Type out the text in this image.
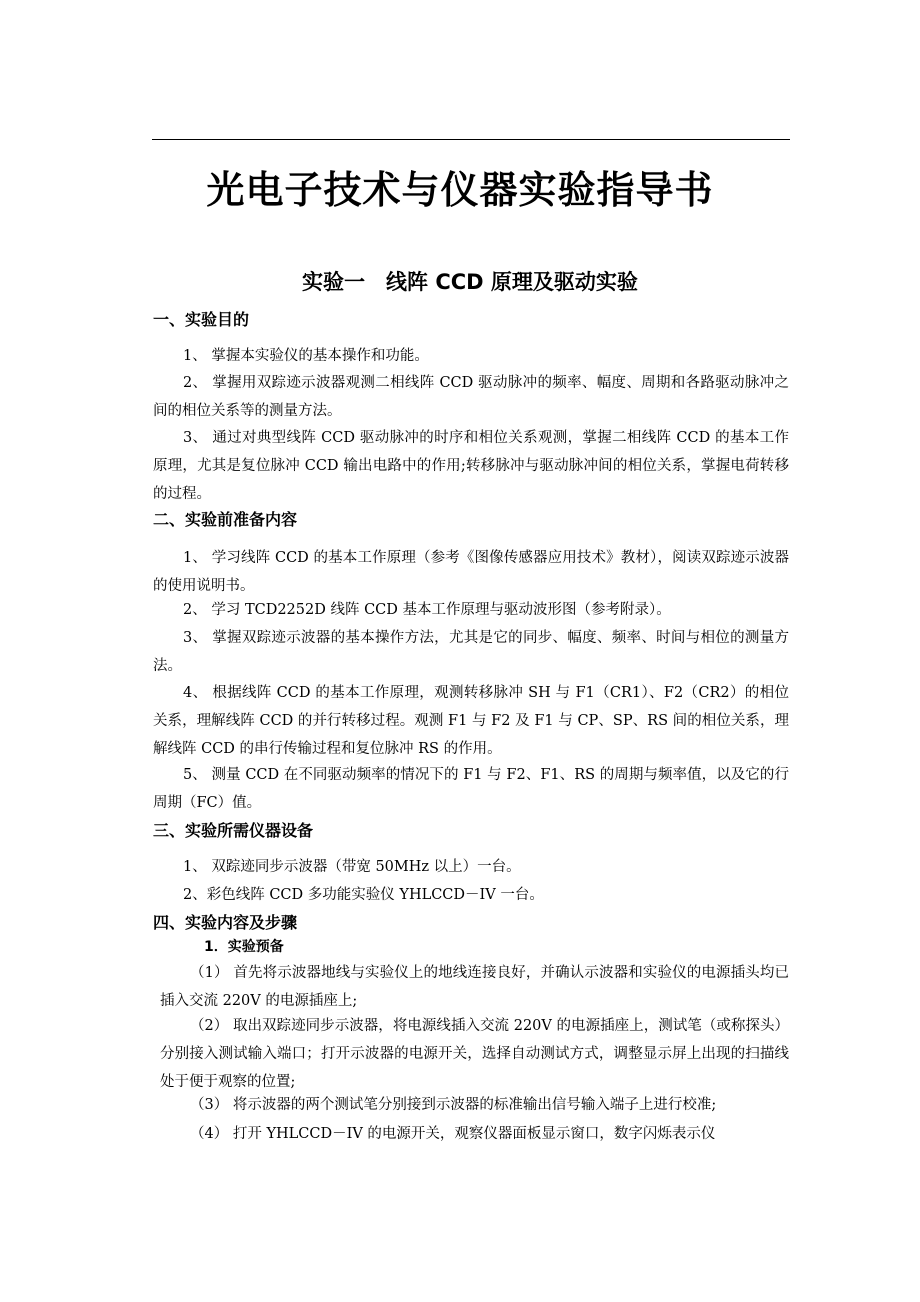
光电子技术与仪器实验指导书
实验一　线阵 CCD 原理及驱动实验
一、实验目的

1、 掌握本实验仪的基本操作和功能。

2、 掌握用双踪迹示波器观测二相线阵 CCD 驱动脉冲的频率、幅度、周期和各路驱动脉冲之间的相位关系等的测量方法。

3、 通过对典型线阵 CCD 驱动脉冲的时序和相位关系观测，掌握二相线阵 CCD 的基本工作原理，尤其是复位脉冲 CCD 输出电路中的作用;转移脉冲与驱动脉冲间的相位关系，掌握电荷转移的过程。

二、实验前准备内容

1、 学习线阵 CCD 的基本工作原理（参考《图像传感器应用技术》教材），阅读双踪迹示波器的使用说明书。

2、 学习 TCD2252D 线阵 CCD 基本工作原理与驱动波形图（参考附录）。

3、 掌握双踪迹示波器的基本操作方法，尤其是它的同步、幅度、频率、时间与相位的测量方法。

4、 根据线阵 CCD 的基本工作原理，观测转移脉冲 SH 与 F1（CR1）、F2（CR2）的相位关系，理解线阵 CCD 的并行转移过程。观测 F1 与 F2 及 F1 与 CP、SP、RS 间的相位关系，理解线阵 CCD 的串行传输过程和复位脉冲 RS 的作用。

5、 测量 CCD 在不同驱动频率的情况下的 F1 与 F2、F1、RS 的周期与频率值，以及它的行周期（FC）值。

三、实验所需仪器设备

1、 双踪迹同步示波器（带宽 50MHz 以上）一台。

2、彩色线阵 CCD 多功能实验仪 YHLCCD－IV 一台。

四、实验内容及步骤
1．实验预备

（1） 首先将示波器地线与实验仪上的地线连接良好，并确认示波器和实验仪的电源插头均已插入交流 220V 的电源插座上;

（2） 取出双踪迹同步示波器，将电源线插入交流 220V 的电源插座上，测试笔（或称探头）分别接入测试输入端口；打开示波器的电源开关，选择自动测试方式，调整显示屏上出现的扫描线处于便于观察的位置;

（3） 将示波器的两个测试笔分别接到示波器的标准输出信号输入端子上进行校准;

（4） 打开 YHLCCD－IV 的电源开关，观察仪器面板显示窗口，数字闪烁表示仪
